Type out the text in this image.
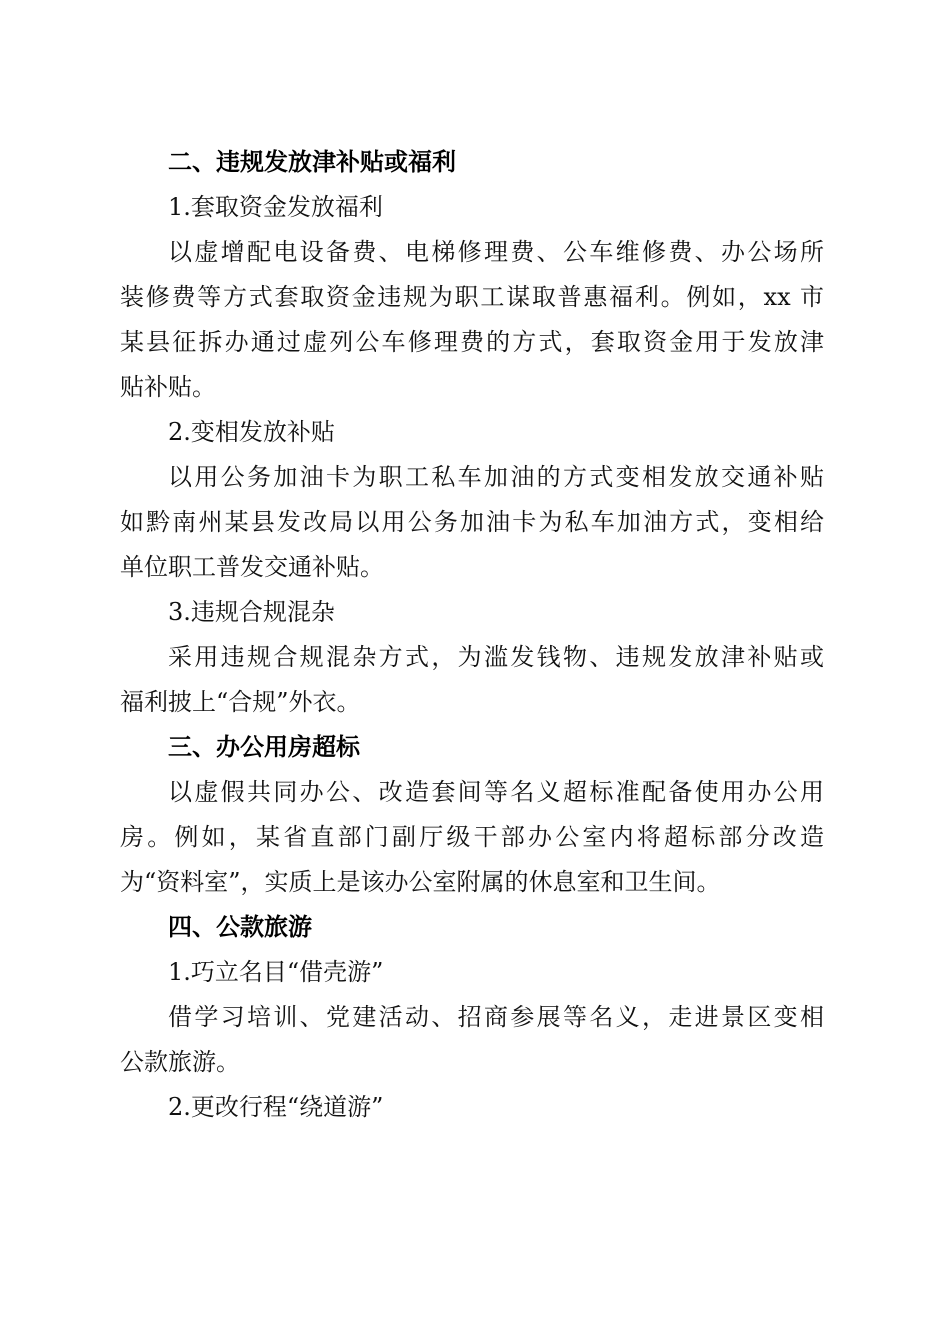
二、违规发放津补贴或福利

1.套取资金发放福利

以虚增配电设备费、电梯修理费、公车维修费、办公场所

装修费等方式套取资金违规为职工谋取普惠福利。例如，xx 市

某县征拆办通过虚列公车修理费的方式，套取资金用于发放津

贴补贴。

2.变相发放补贴

以用公务加油卡为职工私车加油的方式变相发放交通补贴

如黔南州某县发改局以用公务加油卡为私车加油方式，变相给

单位职工普发交通补贴。

3.违规合规混杂

采用违规合规混杂方式，为滥发钱物、违规发放津补贴或

福利披上“合规”外衣。

三、办公用房超标

以虚假共同办公、改造套间等名义超标准配备使用办公用

房。例如，某省直部门副厅级干部办公室内将超标部分改造

为“资料室”，实质上是该办公室附属的休息室和卫生间。

四、公款旅游

1.巧立名目“借壳游”

借学习培训、党建活动、招商参展等名义，走进景区变相

公款旅游。

2.更改行程“绕道游”
